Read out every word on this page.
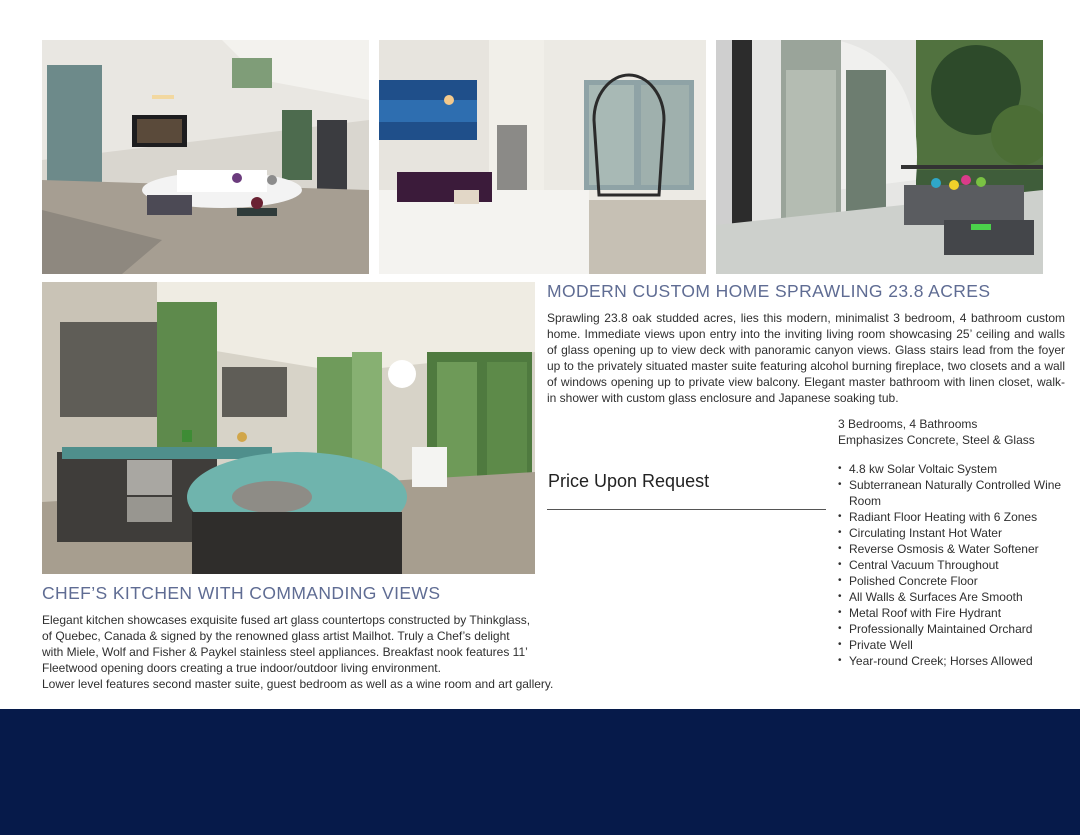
MODERN CUSTOM HOME SPRAWLING 23.8 ACRES

Sprawling 23.8 oak studded acres, lies this modern, minimalist 3 bedroom, 4 bathroom custom home. Immediate views upon entry into the inviting living room showcasing 25’ ceiling and walls of glass opening up to view deck with panoramic canyon views. Glass stairs lead from the foyer up to the privately situated master suite featuring alcohol burning fireplace, two closets and a wall of windows opening up to private view balcony. Elegant master bathroom with linen closet, walk-in shower with custom glass enclosure and Japanese soaking tub.

3 Bedrooms, 4 Bathrooms
Emphasizes Concrete, Steel & Glass
• 4.8 kw Solar Voltaic System
• Subterranean Naturally Controlled Wine Room
• Radiant Floor Heating with 6 Zones
• Circulating Instant Hot Water
• Reverse Osmosis & Water Softener
• Central Vacuum Throughout
• Polished Concrete Floor
• All Walls & Surfaces Are Smooth
• Metal Roof with Fire Hydrant
• Professionally Maintained Orchard
• Private Well
• Year-round Creek; Horses Allowed
Price Upon Request
CHEF’S KITCHEN WITH COMMANDING VIEWS

Elegant kitchen showcases exquisite fused art glass countertops constructed by Thinkglass,
of Quebec, Canada & signed by the renowned glass artist Mailhot. Truly a Chef’s delight
with Miele, Wolf and Fisher & Paykel stainless steel appliances. Breakfast nook features 11’
Fleetwood opening doors creating a true indoor/outdoor living environment.
Lower level features second master suite, guest bedroom as well as a wine room and art gallery.
